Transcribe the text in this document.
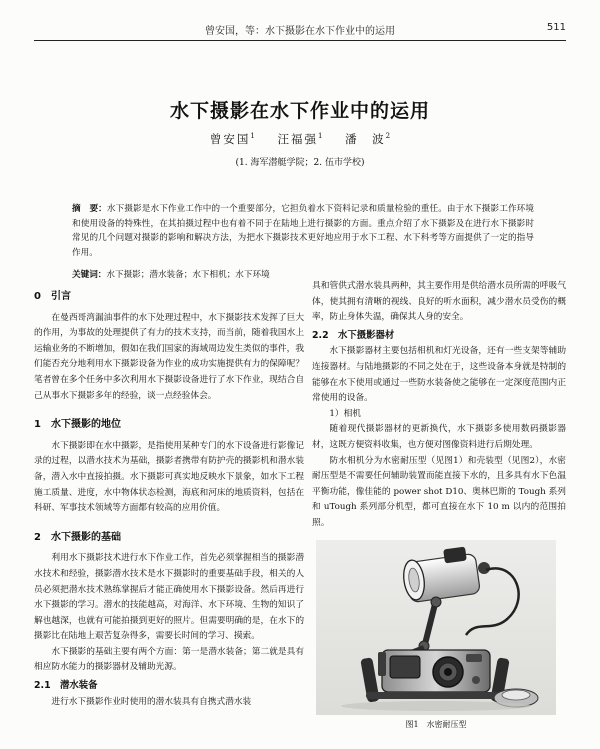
曾安国，等：水下摄影在水下作业中的运用	511
水下摄影在水下作业中的运用
曾安国$^1$ 汪福强$^1$ 潘　波$^2$
(1. 海军潜艇学院；2. 伍市学校)
摘　要：水下摄影是水下作业工作中的一个重要部分，它担负着水下资料记录和质量检验的重任。由于水下摄影工作环境和使用设备的特殊性，在其拍摄过程中也有着不同于在陆地上进行摄影的方面。重点介绍了水下摄影及在进行水下摄影时常见的几个问题对摄影的影响和解决方法，为把水下摄影技术更好地应用于水下工程、水下科考等方面提供了一定的指导作用。
关键词：水下摄影；潜水装备；水下相机；水下环境
0　引言

在曼西哥湾漏油事件的水下处理过程中，水下摄影技术发挥了巨大的作用，为事故的处理提供了有力的技术支持，而当前，随着我国水上运输业务的不断增加，假如在我们国家的海域周边发生类似的事件，我们能否充分地利用水下摄影设备为作业的成功实施提供有力的保障呢？笔者曾在多个任务中多次利用水下摄影设备进行了水下作业，现结合自己从事水下摄影多年的经验，谈一点经验体会。

1　水下摄影的地位

水下摄影即在水中摄影，是指使用某种专门的水下设备进行影像记录的过程，以潜水技术为基础，摄影者携带有防护壳的摄影机和潜水装备，潜入水中直接拍摄。水下摄影可真实地反映水下景象，如水下工程施工质量、进度，水中物体状态检测，海底和河床的地质资料，包括在科研、军事技术领域等方面都有较高的应用价值。

2　水下摄影的基础

利用水下摄影技术进行水下作业工作，首先必须掌握相当的摄影潜水技术和经验，摄影潜水技术是水下摄影时的重要基础手段，相关的人员必须把潜水技术熟练掌握后才能正确使用水下摄影设备。然后再进行水下摄影的学习。潜水的技能越高，对海洋、水下环境、生物的知识了解也越深，也就有可能拍摄到更好的照片。但需要明确的是，在水下的摄影比在陆地上艰苦复杂得多，需要长时间的学习、摸索。

水下摄影的基础主要有两个方面：第一是潜水装备；第二就是具有相应防水能力的摄影器材及辅助光源。

2.1　潜水装备

进行水下摄影作业时使用的潜水装具有自携式潜水装

具和管供式潜水装具两种，其主要作用是供给潜水员所需的呼吸气体，使其拥有清晰的视线、良好的听水面积，减少潜水员受伤的概率，防止身体失温，确保其人身的安全。

2.2　水下摄影器材

水下摄影器材主要包括相机和灯光设备，还有一些支架等辅助连接器材。与陆地摄影的不同之处在于，这些设备本身就是特制的能够在水下使用或通过一些防水装备使之能够在一定深度范围内正常使用的设备。

1）相机

随着现代摄影器材的更新换代，水下摄影多使用数码摄影器材，这既方便资料收集，也方便对图像资料进行后期处理。

防水相机分为水密耐压型（见图1）和壳装型（见图2），水密耐压型是不需要任何辅助装置而能直接下水的，且多具有水下色温平衡功能，像佳能的 power shot D10、奥林巴斯的 Tough 系列和 uTough 系列部分机型，都可直接在水下 10 m 以内的范围拍照。

图1　水密耐压型
